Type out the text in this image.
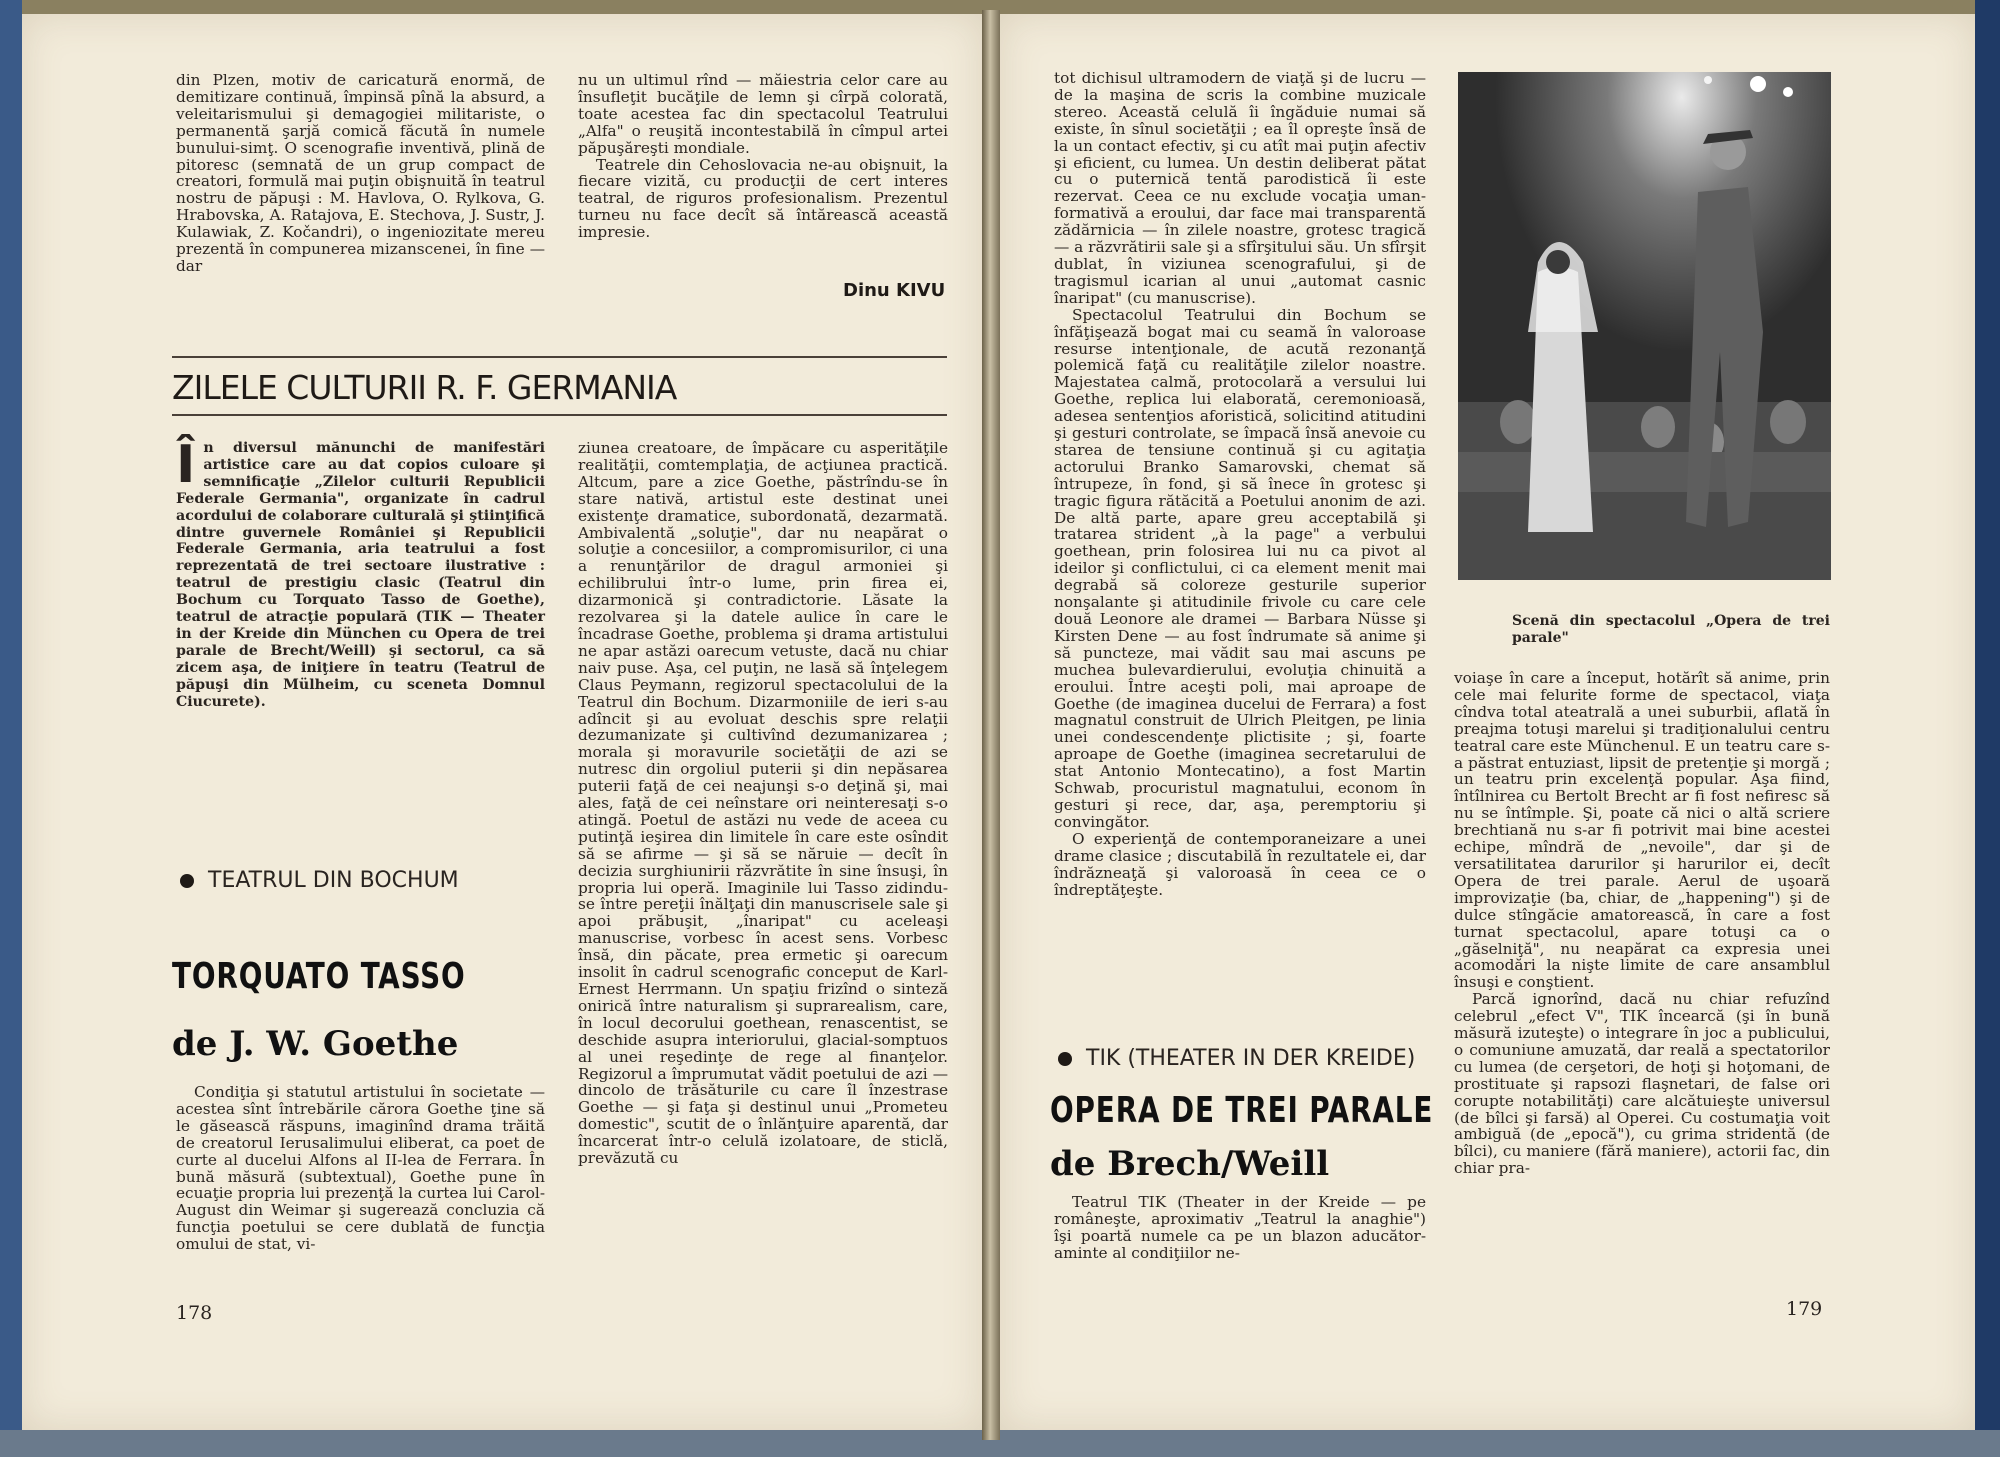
din Plzen, motiv de caricatură enormă, de demitizare continuă, împinsă pînă la absurd, a veleitarismului şi demagogiei militariste, o permanentă şarjă comică făcută în numele bunului-simţ. O scenografie inventivă, plină de pitoresc (semnată de un grup compact de creatori, formulă mai puţin obişnuită în teatrul nostru de păpuşi : M. Havlova, O. Rylkova, G. Hrabovska, A. Ratajova, E. Stechova, J. Sustr, J. Kulawiak, Z. Kočandri), o ingeniozitate mereu prezentă în compunerea mizanscenei, în fine — dar

nu un ultimul rînd — măiestria celor care au însufleţit bucăţile de lemn şi cîrpă colorată, toate acestea fac din spectacolul Teatrului „Alfa" o reuşită incontestabilă în cîmpul artei păpuşăreşti mondiale.

Teatrele din Cehoslovacia ne-au obişnuit, la fiecare vizită, cu producţii de cert interes teatral, de riguros profesionalism. Prezentul turneu nu face decît să întărească această impresie.

Dinu KIVU
ZILELE CULTURII R. F. GERMANIA

În diversul mănunchi de manifestări artistice care au dat copios culoare şi semnificaţie „Zilelor culturii Republicii Federale Germania", organizate în cadrul acordului de colaborare culturală şi ştiinţifică dintre guvernele României şi Republicii Federale Germania, aria teatrului a fost reprezentată de trei sectoare ilustrative : teatrul de prestigiu clasic (Teatrul din Bochum cu Torquato Tasso de Goethe), teatrul de atracţie populară (TIK — Theater in der Kreide din München cu Opera de trei parale de Brecht/Weill) şi sectorul, ca să zicem aşa, de iniţiere în teatru (Teatrul de păpuşi din Mülheim, cu sceneta Domnul Ciucurete).

TEATRUL DIN BOCHUM
TORQUATO TASSO
de J. W. Goethe

Condiţia şi statutul artistului în societate — acestea sînt întrebările cărora Goethe ţine să le găsească răspuns, imaginînd drama trăită de creatorul Ierusalimului eliberat, ca poet de curte al ducelui Alfons al II-lea de Ferrara. În bună măsură (subtextual), Goethe pune în ecuaţie propria lui prezenţă la curtea lui Carol-August din Weimar şi sugerează concluzia că funcţia poetului se cere dublată de funcţia omului de stat, vi-

ziunea creatoare, de împăcare cu asperităţile realităţii, comtemplaţia, de acţiunea practică. Altcum, pare a zice Goethe, păstrîndu-se în stare nativă, artistul este destinat unei existenţe dramatice, subordonată, dezarmată. Ambivalentă „soluţie", dar nu neapărat o soluţie a concesiilor, a compromisurilor, ci una a renunţărilor de dragul armoniei şi echilibrului într-o lume, prin firea ei, dizarmonică şi contradictorie. Lăsate la rezolvarea şi la datele aulice în care le încadrase Goethe, problema şi drama artistului ne apar astăzi oarecum vetuste, dacă nu chiar naiv puse. Aşa, cel puţin, ne lasă să înţelegem Claus Peymann, regizorul spectacolului de la Teatrul din Bochum. Dizarmoniile de ieri s-au adîncit şi au evoluat deschis spre relaţii dezumanizate şi cultivînd dezumanizarea ; morala şi moravurile societăţii de azi se nutresc din orgoliul puterii şi din nepăsarea puterii faţă de cei neajunşi s-o deţină şi, mai ales, faţă de cei neînstare ori neinteresaţi s-o atingă. Poetul de astăzi nu vede de aceea cu putinţă ieşirea din limitele în care este osîndit să se afirme — şi să se năruie — decît în decizia surghiunirii răzvrătite în sine însuşi, în propria lui operă. Imaginile lui Tasso zidindu-se între pereţii înălţaţi din manuscrisele sale şi apoi prăbuşit, „înaripat" cu aceleaşi manuscrise, vorbesc în acest sens. Vorbesc însă, din păcate, prea ermetic şi oarecum insolit în cadrul scenografic conceput de Karl-Ernest Herrmann. Un spaţiu frizînd o sinteză onirică între naturalism şi suprarealism, care, în locul decorului goethean, renascentist, se deschide asupra interiorului, glacial-somptuos al unei reşedinţe de rege al finanţelor. Regizorul a împrumutat vădit poetului de azi — dincolo de trăsăturile cu care îl înzestrase Goethe — şi faţa şi destinul unui „Prometeu domestic", scutit de o înlănţuire aparentă, dar încarcerat într-o celulă izolatoare, de sticlă, prevăzută cu

178

tot dichisul ultramodern de viaţă şi de lucru — de la maşina de scris la combine muzicale stereo. Această celulă îi îngăduie numai să existe, în sînul societăţii ; ea îl opreşte însă de la un contact efectiv, şi cu atît mai puţin afectiv şi eficient, cu lumea. Un destin deliberat pătat cu o puternică tentă parodistică îi este rezervat. Ceea ce nu exclude vocaţia uman-formativă a eroului, dar face mai transparentă zădărnicia — în zilele noastre, grotesc tragică — a răzvrătirii sale şi a sfîrşitului său. Un sfîrşit dublat, în viziunea scenografului, şi de tragismul icarian al unui „automat casnic înaripat" (cu manuscrise).

Spectacolul Teatrului din Bochum se înfăţişează bogat mai cu seamă în valoroase resurse intenţionale, de acută rezonanţă polemică faţă cu realităţile zilelor noastre. Majestatea calmă, protocolară a versului lui Goethe, replica lui elaborată, ceremonioasă, adesea sentenţios aforistică, solicitind atitudini şi gesturi controlate, se împacă însă anevoie cu starea de tensiune continuă şi cu agitaţia actorului Branko Samarovski, chemat să întrupeze, în fond, şi să înece în grotesc şi tragic figura rătăcită a Poetului anonim de azi. De altă parte, apare greu acceptabilă şi tratarea strident „à la page" a verbului goethean, prin folosirea lui nu ca pivot al ideilor şi conflictului, ci ca element menit mai degrabă să coloreze gesturile superior nonşalante şi atitudinile frivole cu care cele două Leonore ale dramei — Barbara Nüsse şi Kirsten Dene — au fost îndrumate să anime şi să puncteze, mai vădit sau mai ascuns pe muchea bulevardierului, evoluţia chinuită a eroului. Între aceşti poli, mai aproape de Goethe (de imaginea ducelui de Ferrara) a fost magnatul construit de Ulrich Pleitgen, pe linia unei condescendenţe plictisite ; şi, foarte aproape de Goethe (imaginea secretarului de stat Antonio Montecatino), a fost Martin Schwab, procuristul magnatului, econom în gesturi şi rece, dar, aşa, peremptoriu şi convingător.

O experienţă de contemporaneizare a unei drame clasice ; discutabilă în rezultatele ei, dar îndrăzneaţă şi valoroasă în ceea ce o îndreptăţeşte.

Scenă din spectacolul „Opera de trei parale"
TIK (THEATER IN DER KREIDE)
OPERA DE TREI PARALE
de Brech/Weill

Teatrul TIK (Theater in der Kreide — pe româneşte, aproximativ „Teatrul la anaghie") îşi poartă numele ca pe un blazon aducător-aminte al condiţiilor ne-

voiaşe în care a început, hotărît să anime, prin cele mai felurite forme de spectacol, viaţa cîndva total ateatrală a unei suburbii, aflată în preajma totuşi marelui şi tradiţionalului centru teatral care este Münchenul. E un teatru care s-a păstrat entuziast, lipsit de pretenţie şi morgă ; un teatru prin excelenţă popular. Aşa fiind, întîlnirea cu Bertolt Brecht ar fi fost nefiresc să nu se întîmple. Şi, poate că nici o altă scriere brechtiană nu s-ar fi potrivit mai bine acestei echipe, mîndră de „nevoile", dar şi de versatilitatea darurilor şi harurilor ei, decît Opera de trei parale. Aerul de uşoară improvizaţie (ba, chiar, de „happening") şi de dulce stîngăcie amatorească, în care a fost turnat spectacolul, apare totuşi ca o „găselniţă", nu neapărat ca expresia unei acomodări la nişte limite de care ansamblul însuşi e conştient.

Parcă ignorînd, dacă nu chiar refuzînd celebrul „efect V", TIK încearcă (şi în bună măsură izuteşte) o integrare în joc a publicului, o comuniune amuzată, dar reală a spectatorilor cu lumea (de cerşetori, de hoţi şi hoţomani, de prostituate şi rapsozi flaşnetari, de false ori corupte notabilităţi) care alcătuieşte universul (de bîlci şi farsă) al Operei. Cu costumaţia voit ambiguă (de „epocă"), cu grima stridentă (de bîlci), cu maniere (fără maniere), actorii fac, din chiar pra-

179
